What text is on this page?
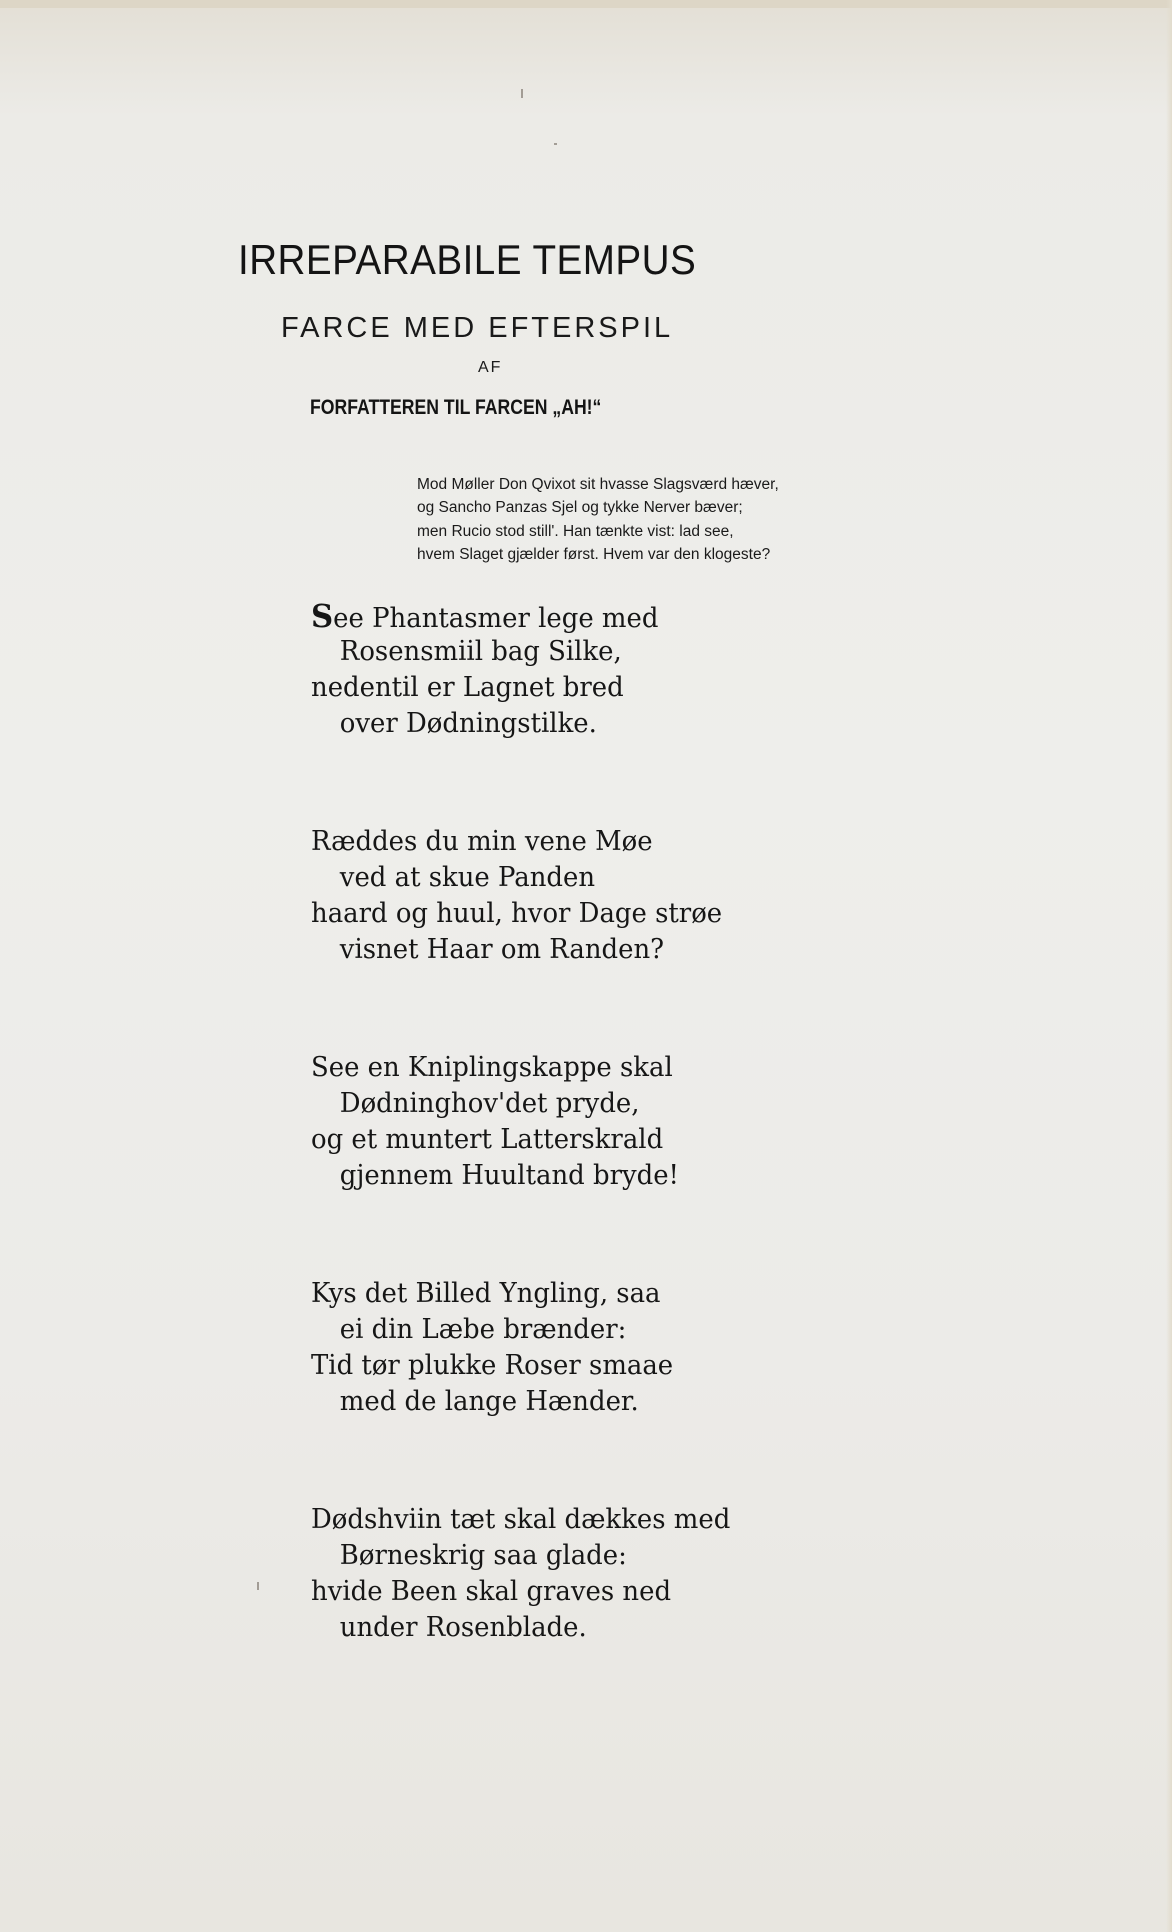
IRREPARABILE TEMPUS
FARCE MED EFTERSPIL
AF
FORFATTEREN TIL FARCEN „AH!“
Mod Møller Don Qvixot sit hvasse Slagsværd hæver,
og Sancho Panzas Sjel og tykke Nerver bæver;
men Rucio stod still'. Han tænkte vist: lad see,
hvem Slaget gjælder først. Hvem var den klogeste?
See Phantasmer lege med
Rosensmiil bag Silke,
nedentil er Lagnet bred
over Dødningstilke.
Ræddes du min vene Møe
ved at skue Panden
haard og huul, hvor Dage strøe
visnet Haar om Randen?
See en Kniplingskappe skal
Dødninghov'det pryde,
og et muntert Latterskrald
gjennem Huultand bryde!
Kys det Billed Yngling, saa
ei din Læbe brænder:
Tid tør plukke Roser smaae
med de lange Hænder.
Dødshviin tæt skal dækkes med
Børneskrig saa glade:
hvide Been skal graves ned
under Rosenblade.
